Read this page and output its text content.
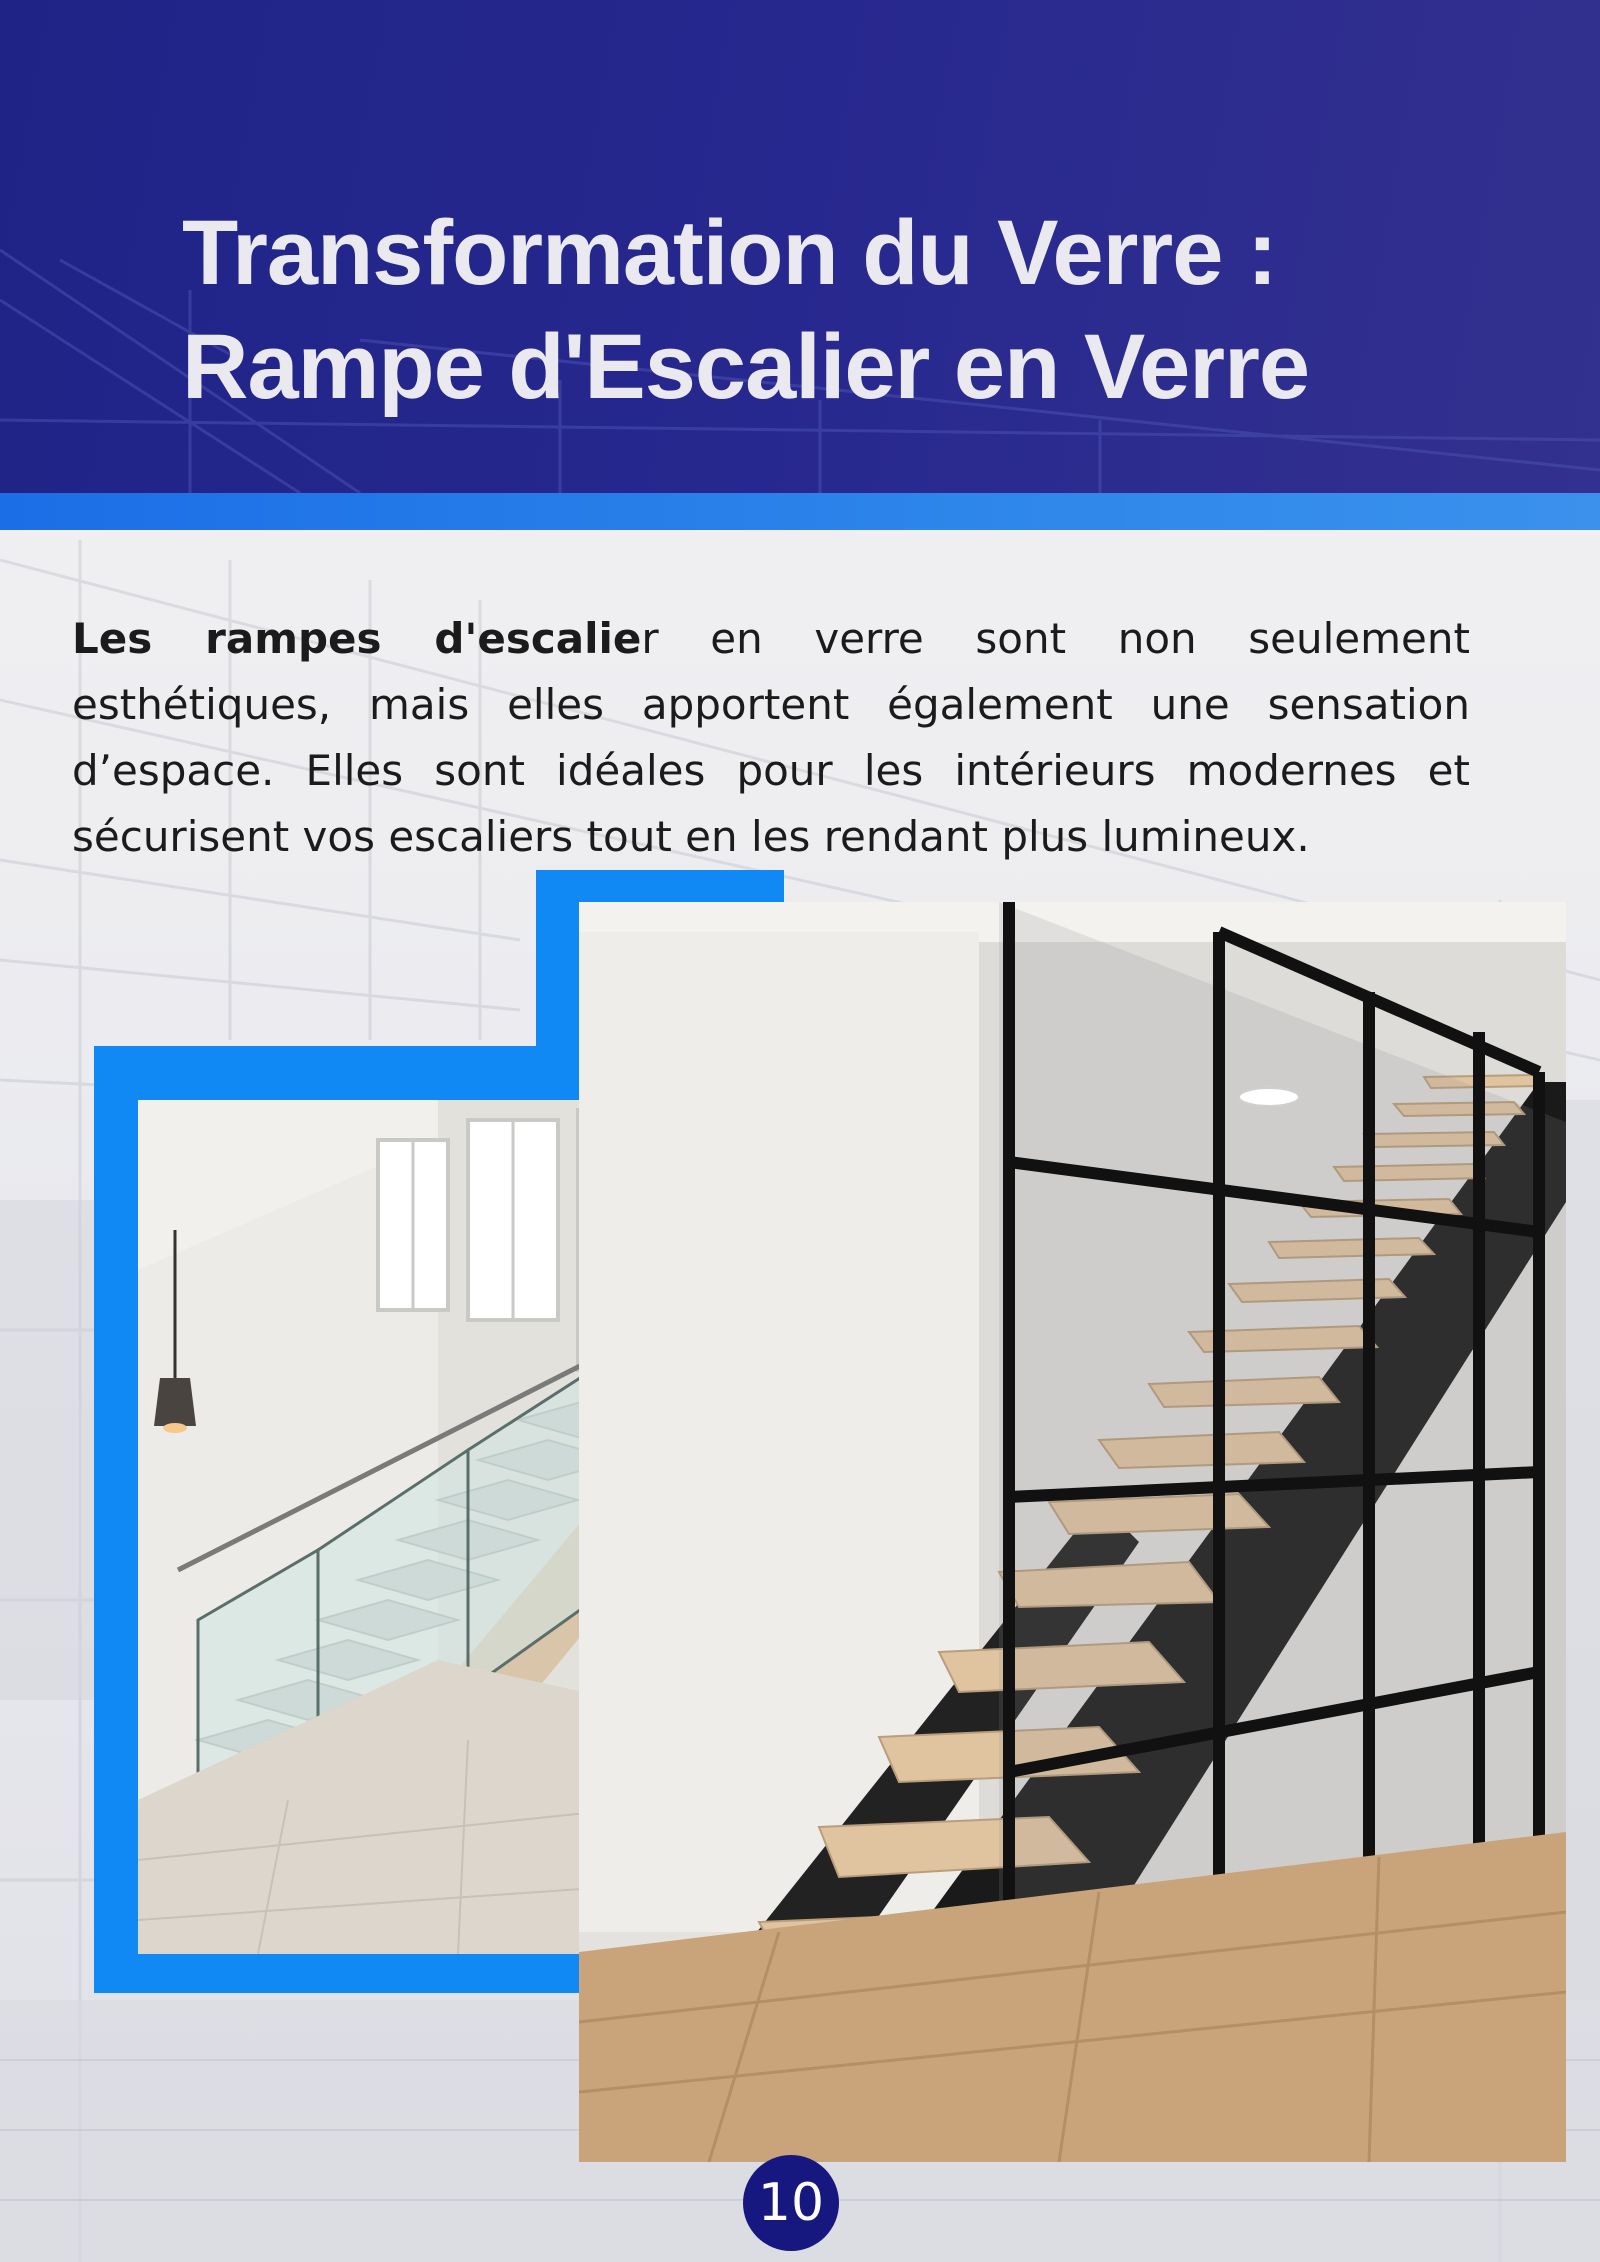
Transformation du Verre :
Rampe d'Escalier en Verre

Les rampes d'escalier en verre sont non seulement esthétiques, mais elles apportent également une sensation d’espace. Elles sont idéales pour les intérieurs modernes et sécurisent vos escaliers tout en les rendant plus lumineux.

10
